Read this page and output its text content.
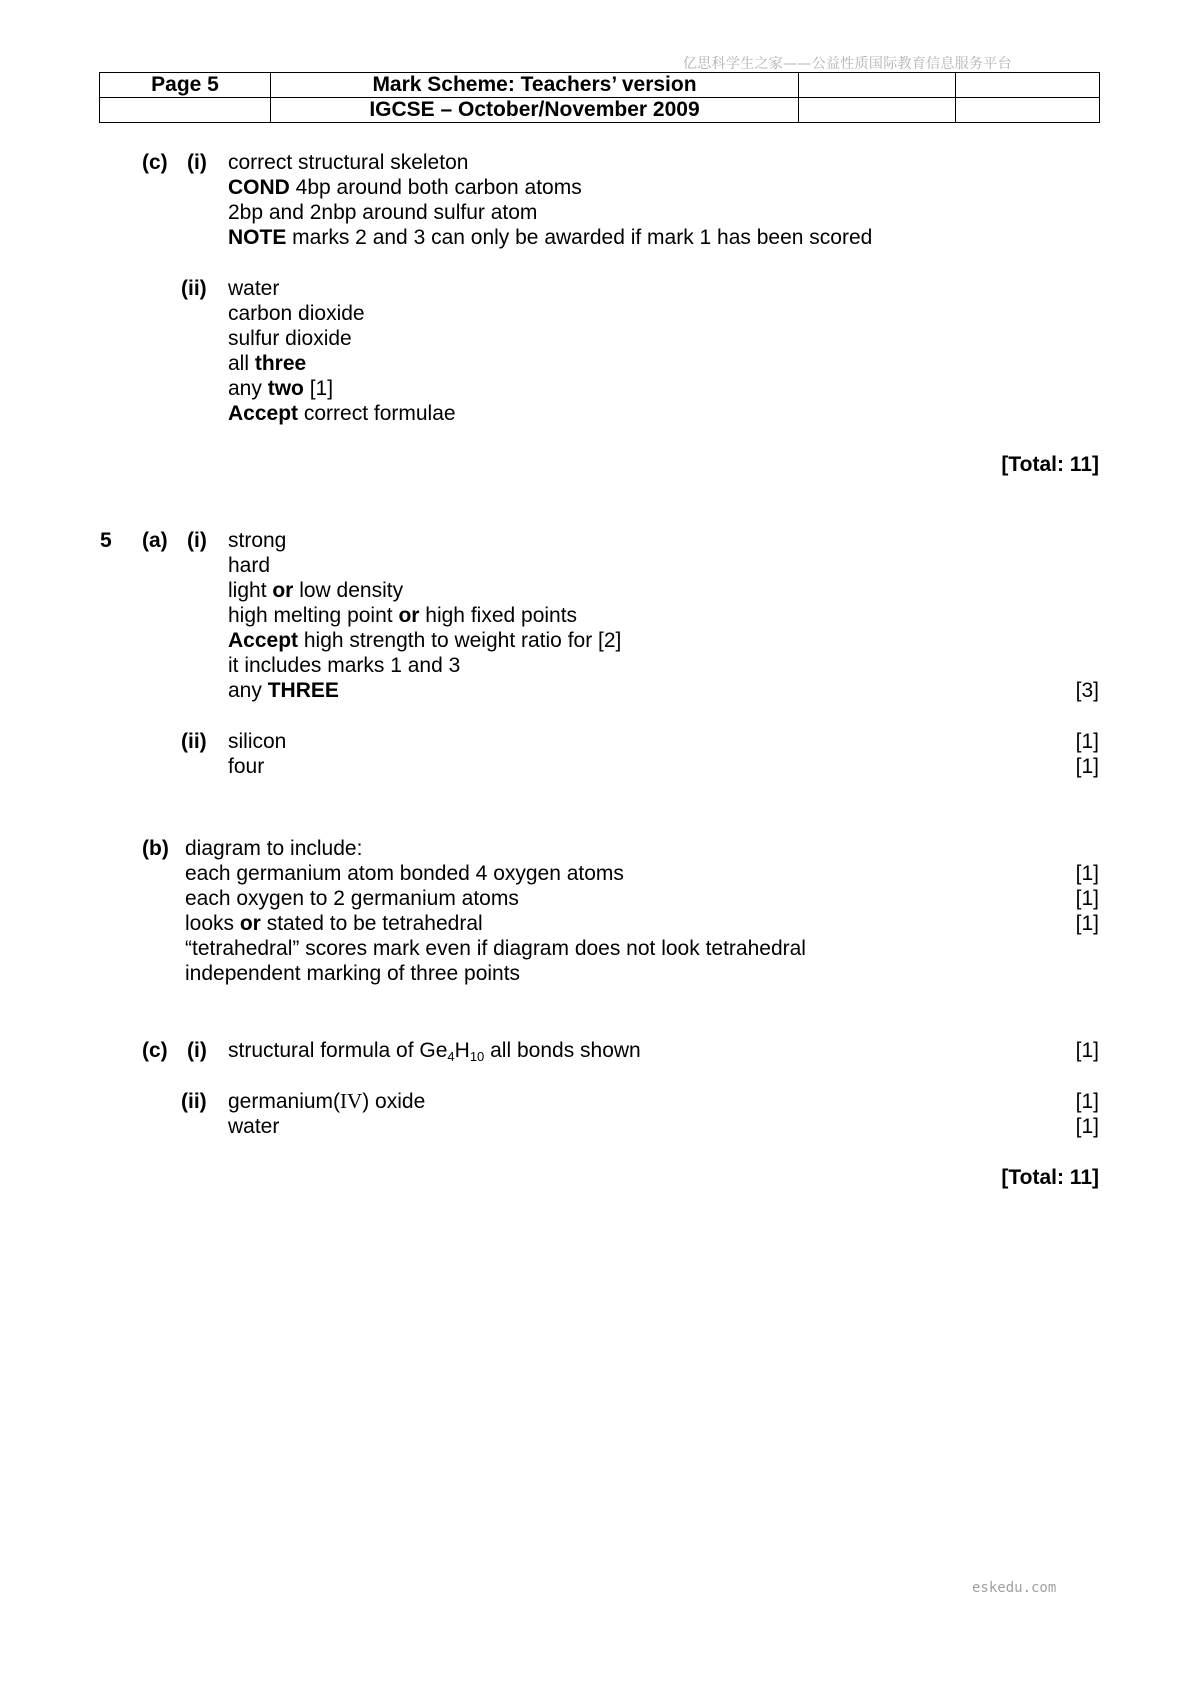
亿思科学生之家——公益性质国际教育信息服务平台
Page 5	Mark Scheme: Teachers’ version		
	IGCSE – October/November 2009		
(c) (i) correct structural skeleton
COND 4bp around both carbon atoms
2bp and 2nbp around sulfur atom
NOTE marks 2 and 3 can only be awarded if mark 1 has been scored
(ii) water
carbon dioxide
sulfur dioxide
all three
any two [1]
Accept correct formulae
[Total: 11]
5 (a) (i) strong
hard
light or low density
high melting point or high fixed points
Accept high strength to weight ratio for [2]
it includes marks 1 and 3
any THREE	[3]
(ii) silicon	[1]
four	[1]
(b) diagram to include:
each germanium atom bonded 4 oxygen atoms	[1]
each oxygen to 2 germanium atoms	[1]
looks or stated to be tetrahedral	[1]
“tetrahedral” scores mark even if diagram does not look tetrahedral
independent marking of three points
(c) (i) structural formula of $Ge_4H_{10}$ all bonds shown	[1]
(ii) germanium(IV) oxide	[1]
water	[1]
[Total: 11]
eskedu.com
